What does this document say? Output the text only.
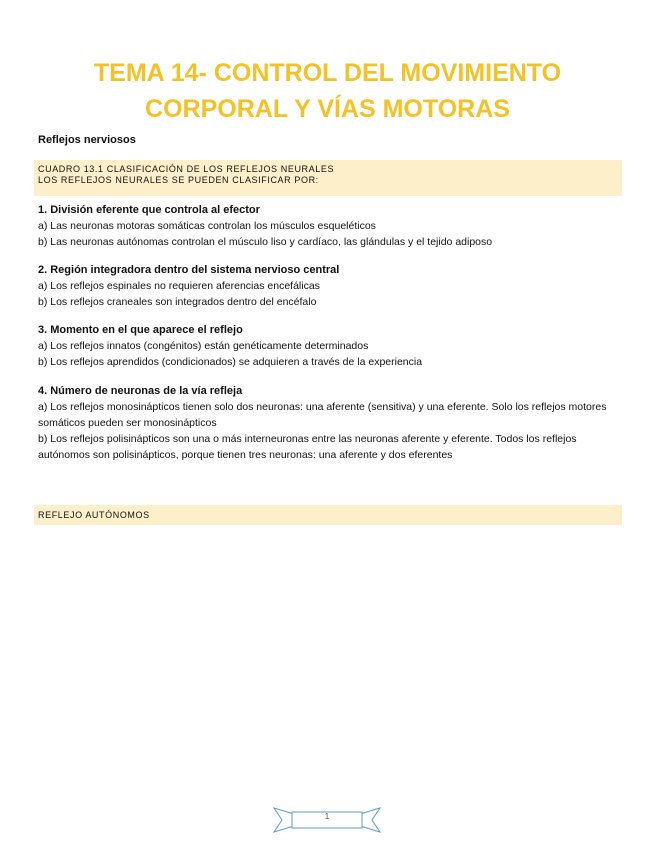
TEMA 14- CONTROL DEL MOVIMIENTO
CORPORAL Y VÍAS MOTORAS
Reflejos nerviosos
CUADRO 13.1 CLASIFICACIÓN DE LOS REFLEJOS NEURALES
LOS REFLEJOS NEURALES SE PUEDEN CLASIFICAR POR:
1. División eferente que controla al efector
a) Las neuronas motoras somáticas controlan los músculos esqueléticos
b) Las neuronas autónomas controlan el músculo liso y cardíaco, las glándulas y el tejido adiposo
2. Región integradora dentro del sistema nervioso central
a) Los reflejos espinales no requieren aferencias encefálicas
b) Los reflejos craneales son integrados dentro del encéfalo
3. Momento en el que aparece el reflejo
a) Los reflejos innatos (congénitos) están genéticamente determinados
b) Los reflejos aprendidos (condicionados) se adquieren a través de la experiencia
4. Número de neuronas de la vía refleja
a) Los reflejos monosinápticos tienen solo dos neuronas: una aferente (sensitiva) y una eferente. Solo los reflejos motores somáticos pueden ser monosinápticos
b) Los reflejos polisinápticos son una o más interneuronas entre las neuronas aferente y eferente. Todos los reflejos autónomos son polisinápticos, porque tienen tres neuronas: una aferente y dos eferentes
REFLEJO AUTÓNOMOS
1
